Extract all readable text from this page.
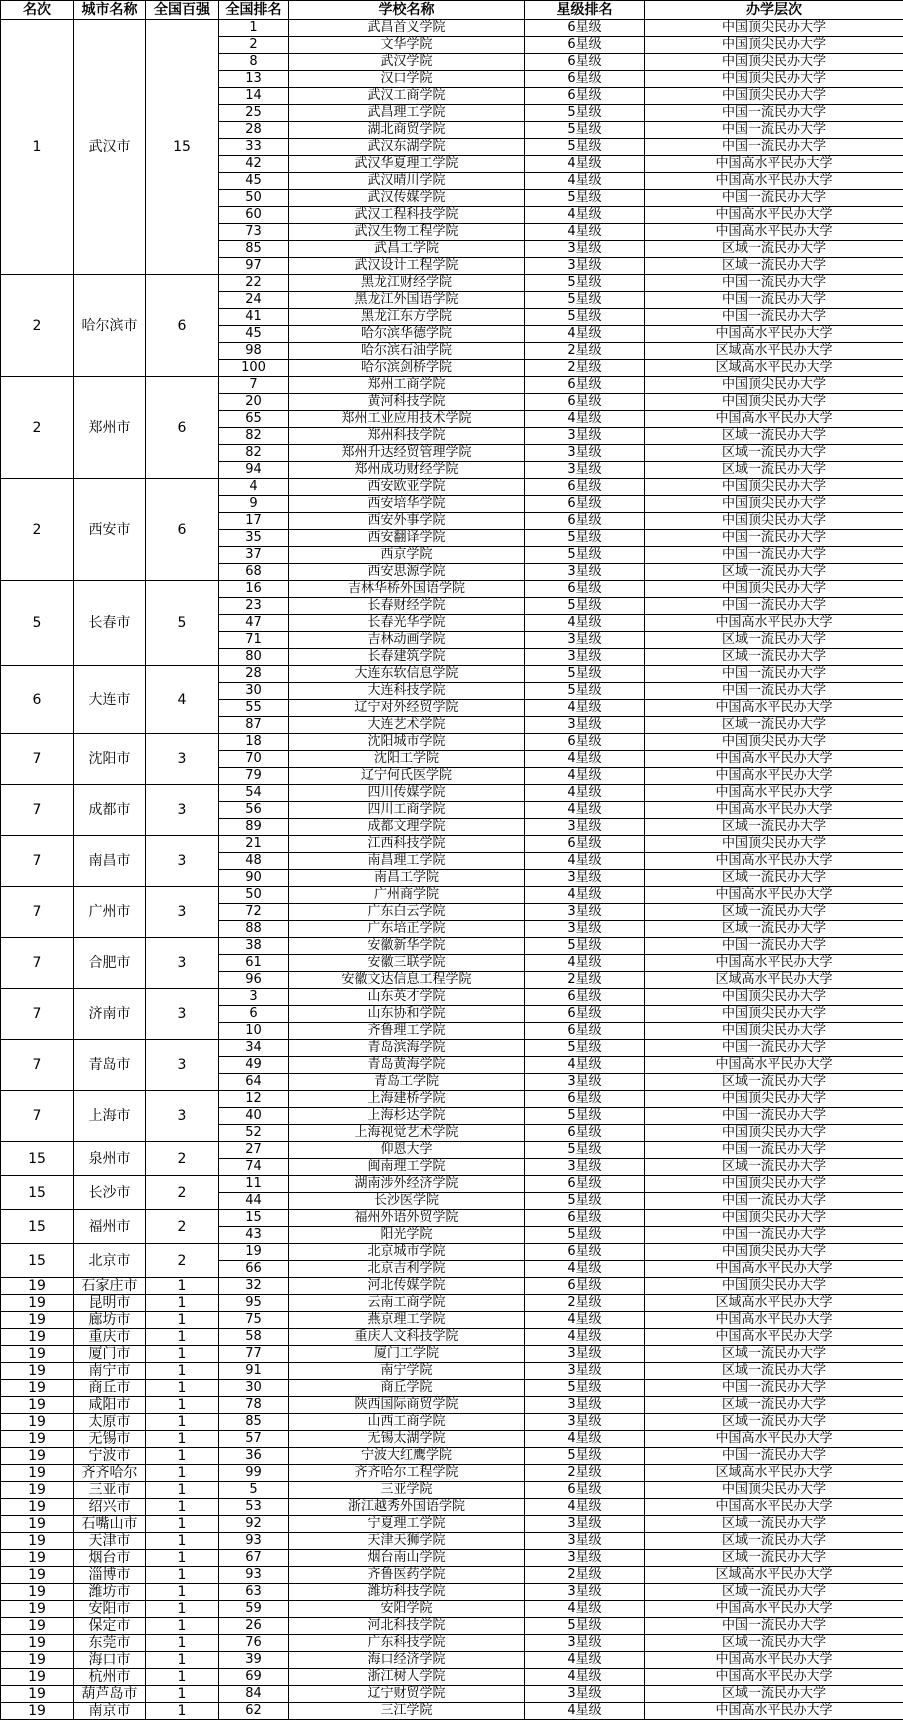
名次	城市名称	全国百强	全国排名	学校名称	星级排名	办学层次
1	武汉市	15	1	武昌首义学院	6星级	中国顶尖民办大学
			2	文华学院	6星级	中国顶尖民办大学
			8	武汉学院	6星级	中国顶尖民办大学
			13	汉口学院	6星级	中国顶尖民办大学
			14	武汉工商学院	6星级	中国顶尖民办大学
			25	武昌理工学院	5星级	中国一流民办大学
			28	湖北商贸学院	5星级	中国一流民办大学
			33	武汉东湖学院	5星级	中国一流民办大学
			42	武汉华夏理工学院	4星级	中国高水平民办大学
			45	武汉晴川学院	4星级	中国高水平民办大学
			50	武汉传媒学院	5星级	中国一流民办大学
			60	武汉工程科技学院	4星级	中国高水平民办大学
			73	武汉生物工程学院	4星级	中国高水平民办大学
			85	武昌工学院	3星级	区域一流民办大学
			97	武汉设计工程学院	3星级	区域一流民办大学
2	哈尔滨市	6	22	黑龙江财经学院	5星级	中国一流民办大学
			24	黑龙江外国语学院	5星级	中国一流民办大学
			41	黑龙江东方学院	5星级	中国一流民办大学
			45	哈尔滨华德学院	4星级	中国高水平民办大学
			98	哈尔滨石油学院	2星级	区域高水平民办大学
			100	哈尔滨剑桥学院	2星级	区域高水平民办大学
2	郑州市	6	7	郑州工商学院	6星级	中国顶尖民办大学
			20	黄河科技学院	6星级	中国顶尖民办大学
			65	郑州工业应用技术学院	4星级	中国高水平民办大学
			82	郑州科技学院	3星级	区域一流民办大学
			82	郑州升达经贸管理学院	3星级	区域一流民办大学
			94	郑州成功财经学院	3星级	区域一流民办大学
2	西安市	6	4	西安欧亚学院	6星级	中国顶尖民办大学
			9	西安培华学院	6星级	中国顶尖民办大学
			17	西安外事学院	6星级	中国顶尖民办大学
			35	西安翻译学院	5星级	中国一流民办大学
			37	西京学院	5星级	中国一流民办大学
			68	西安思源学院	3星级	区域一流民办大学
5	长春市	5	16	吉林华桥外国语学院	6星级	中国顶尖民办大学
			23	长春财经学院	5星级	中国一流民办大学
			47	长春光华学院	4星级	中国高水平民办大学
			71	吉林动画学院	3星级	区域一流民办大学
			80	长春建筑学院	3星级	区域一流民办大学
6	大连市	4	28	大连东软信息学院	5星级	中国一流民办大学
			30	大连科技学院	5星级	中国一流民办大学
			55	辽宁对外经贸学院	4星级	中国高水平民办大学
			87	大连艺术学院	3星级	区域一流民办大学
7	沈阳市	3	18	沈阳城市学院	6星级	中国顶尖民办大学
			70	沈阳工学院	4星级	中国高水平民办大学
			79	辽宁何氏医学院	4星级	中国高水平民办大学
7	成都市	3	54	四川传媒学院	4星级	中国高水平民办大学
			56	四川工商学院	4星级	中国高水平民办大学
			89	成都文理学院	3星级	区域一流民办大学
7	南昌市	3	21	江西科技学院	6星级	中国顶尖民办大学
			48	南昌理工学院	4星级	中国高水平民办大学
			90	南昌工学院	3星级	区域一流民办大学
7	广州市	3	50	广州商学院	4星级	中国高水平民办大学
			72	广东白云学院	3星级	区域一流民办大学
			88	广东培正学院	3星级	区域一流民办大学
7	合肥市	3	38	安徽新华学院	5星级	中国一流民办大学
			61	安徽三联学院	4星级	中国高水平民办大学
			96	安徽文达信息工程学院	2星级	区域高水平民办大学
7	济南市	3	3	山东英才学院	6星级	中国顶尖民办大学
			6	山东协和学院	6星级	中国顶尖民办大学
			10	齐鲁理工学院	6星级	中国顶尖民办大学
7	青岛市	3	34	青岛滨海学院	5星级	中国一流民办大学
			49	青岛黄海学院	4星级	中国高水平民办大学
			64	青岛工学院	3星级	区域一流民办大学
7	上海市	3	12	上海建桥学院	6星级	中国顶尖民办大学
			40	上海杉达学院	5星级	中国一流民办大学
			52	上海视觉艺术学院	6星级	中国顶尖民办大学
15	泉州市	2	27	仰恩大学	5星级	中国一流民办大学
			74	闽南理工学院	3星级	区域一流民办大学
15	长沙市	2	11	湖南涉外经济学院	6星级	中国顶尖民办大学
			44	长沙医学院	5星级	中国一流民办大学
15	福州市	2	15	福州外语外贸学院	6星级	中国顶尖民办大学
			43	阳光学院	5星级	中国一流民办大学
15	北京市	2	19	北京城市学院	6星级	中国顶尖民办大学
			66	北京吉利学院	4星级	中国高水平民办大学
19	石家庄市	1	32	河北传媒学院	6星级	中国顶尖民办大学
19	昆明市	1	95	云南工商学院	2星级	区域高水平民办大学
19	廊坊市	1	75	燕京理工学院	4星级	中国高水平民办大学
19	重庆市	1	58	重庆人文科技学院	4星级	中国高水平民办大学
19	厦门市	1	77	厦门工学院	3星级	区域一流民办大学
19	南宁市	1	91	南宁学院	3星级	区域一流民办大学
19	商丘市	1	30	商丘学院	5星级	中国一流民办大学
19	咸阳市	1	78	陕西国际商贸学院	3星级	区域一流民办大学
19	太原市	1	85	山西工商学院	3星级	区域一流民办大学
19	无锡市	1	57	无锡太湖学院	4星级	中国高水平民办大学
19	宁波市	1	36	宁波大红鹰学院	5星级	中国一流民办大学
19	齐齐哈尔	1	99	齐齐哈尔工程学院	2星级	区域高水平民办大学
19	三亚市	1	5	三亚学院	6星级	中国顶尖民办大学
19	绍兴市	1	53	浙江越秀外国语学院	4星级	中国高水平民办大学
19	石嘴山市	1	92	宁夏理工学院	3星级	区域一流民办大学
19	天津市	1	93	天津天狮学院	3星级	区域一流民办大学
19	烟台市	1	67	烟台南山学院	3星级	区域一流民办大学
19	淄博市	1	93	齐鲁医药学院	2星级	区域高水平民办大学
19	潍坊市	1	63	潍坊科技学院	3星级	区域一流民办大学
19	安阳市	1	59	安阳学院	4星级	中国高水平民办大学
19	保定市	1	26	河北科技学院	5星级	中国一流民办大学
19	东莞市	1	76	广东科技学院	3星级	区域一流民办大学
19	海口市	1	39	海口经济学院	4星级	中国高水平民办大学
19	杭州市	1	69	浙江树人学院	4星级	中国高水平民办大学
19	葫芦岛市	1	84	辽宁财贸学院	3星级	区域一流民办大学
19	南京市	1	62	三江学院	4星级	中国高水平民办大学
